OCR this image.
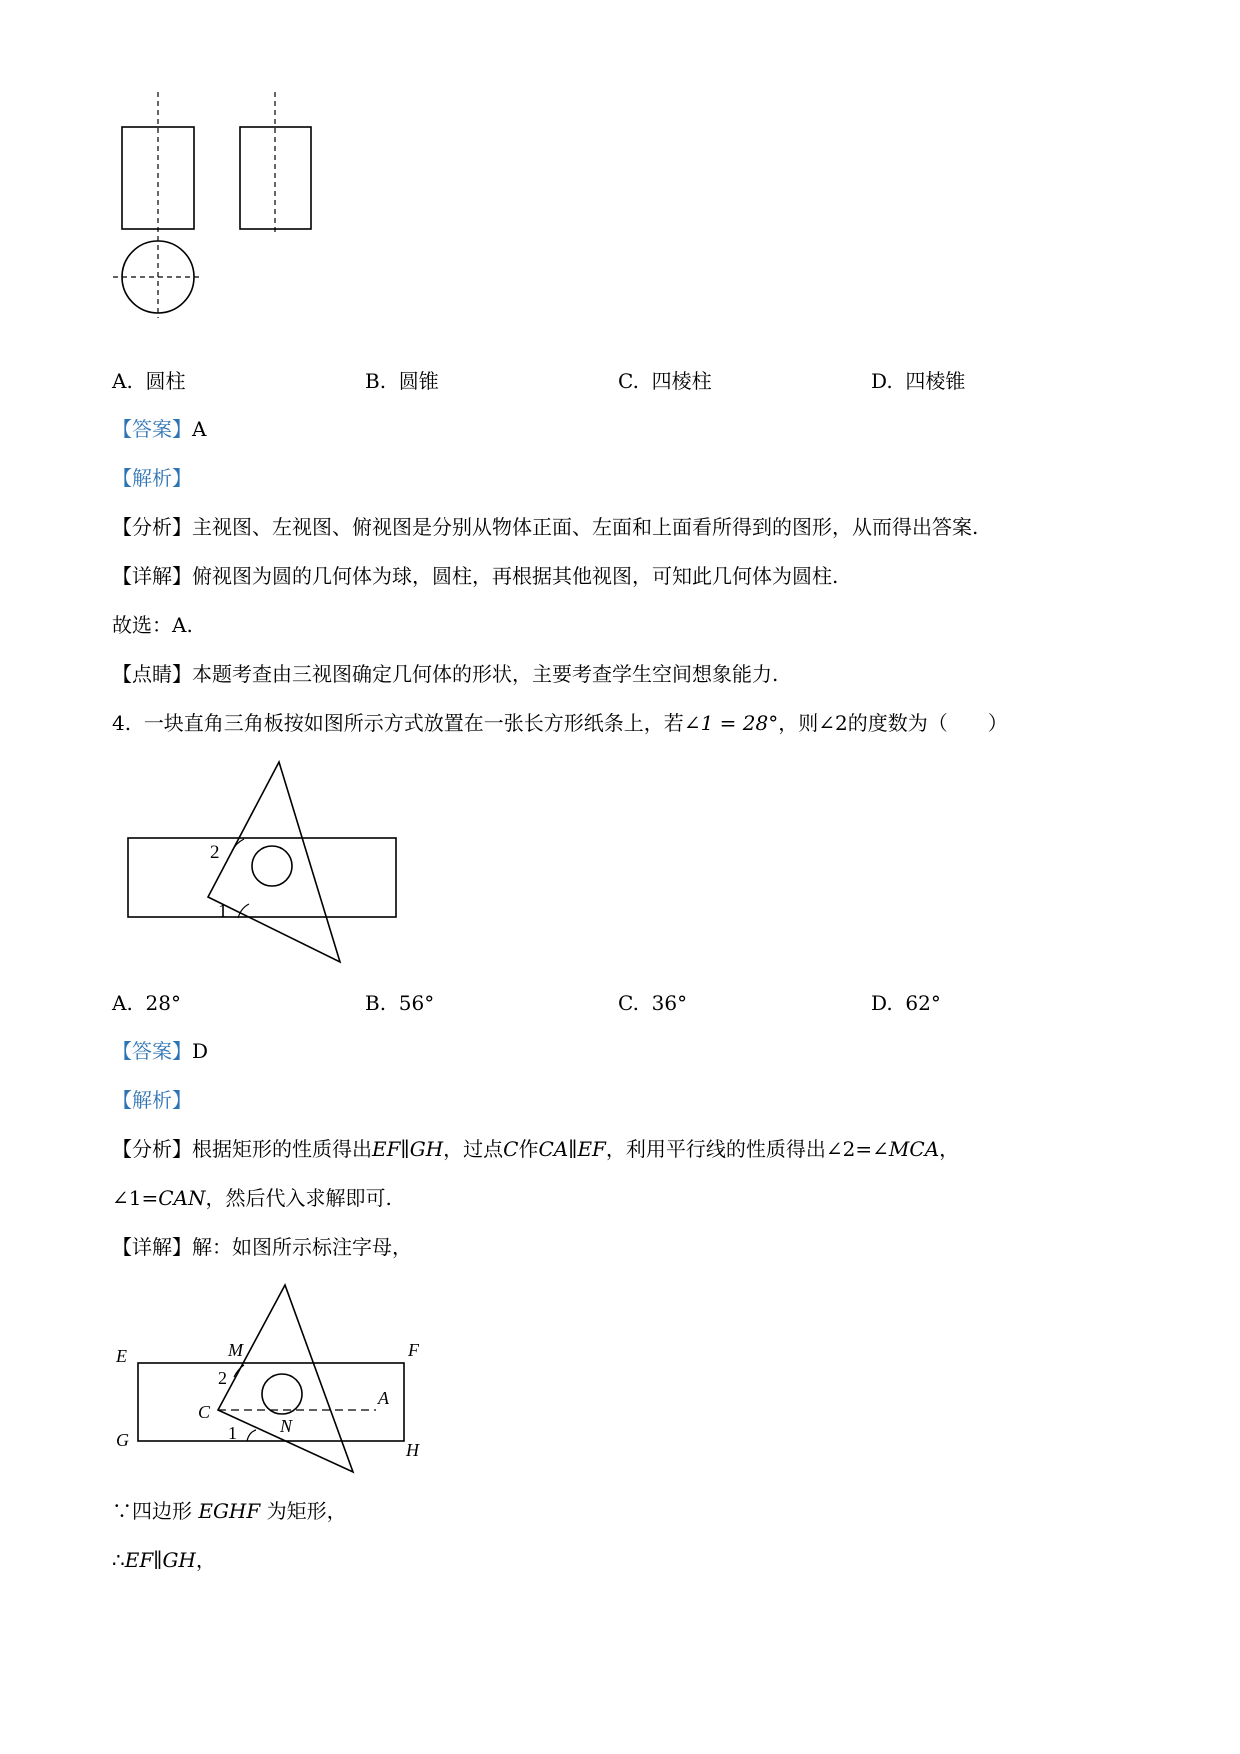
A. 圆柱	B. 圆锥	C. 四棱柱	D. 四棱锥
【答案】A
【解析】
【分析】主视图、左视图、俯视图是分别从物体正面、左面和上面看所得到的图形，从而得出答案.
【详解】俯视图为圆的几何体为球，圆柱，再根据其他视图，可知此几何体为圆柱.
故选：A.
【点睛】本题考查由三视图确定几何体的形状，主要考查学生空间想象能力.
4. 一块直角三角板按如图所示方式放置在一张长方形纸条上，若∠1 = 28°，则∠2的度数为（　　）
2
1
A. 28°	B. 56°	C. 36°	D. 62°
【答案】D
【解析】
【分析】根据矩形的性质得出EF∥GH，过点C作CA∥EF，利用平行线的性质得出∠2=∠MCA，
∠1=CAN，然后代入求解即可.
【详解】解：如图所示标注字母，
E	F
G	H
M
C
A
N
2
1
∵四边形 EGHF 为矩形，
∴EF∥GH，
